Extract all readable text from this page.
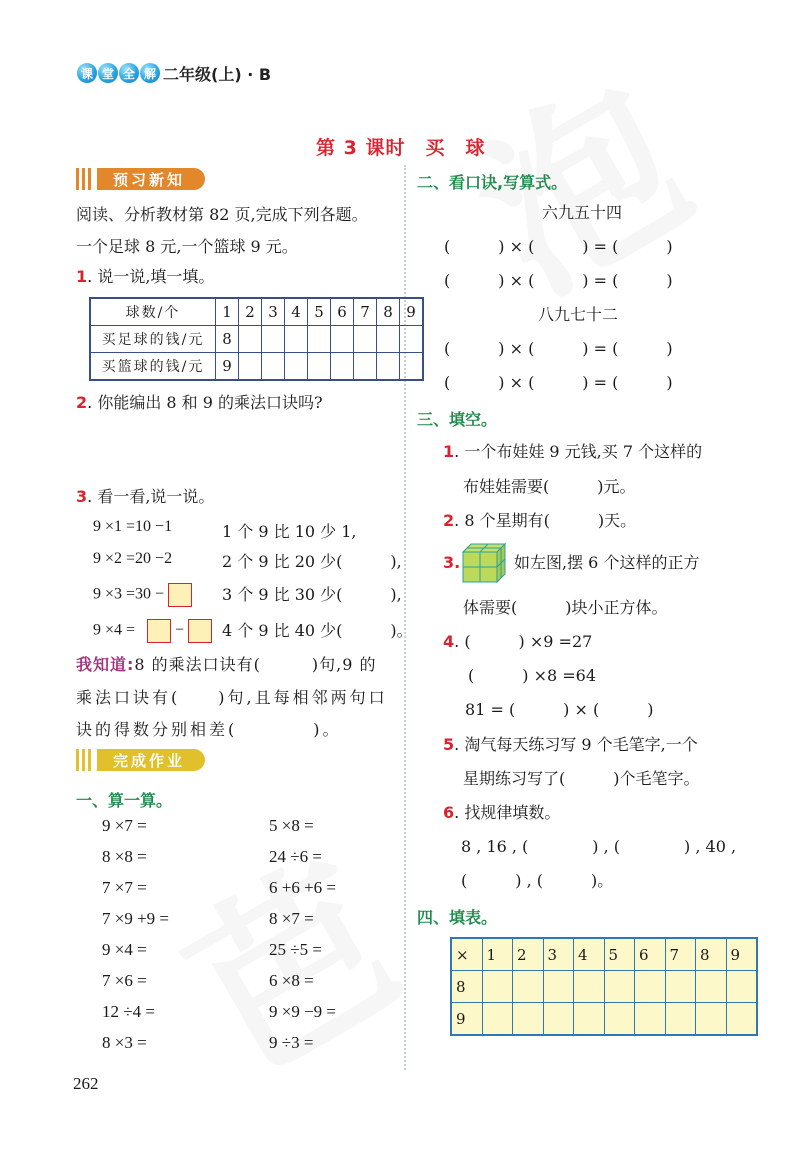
课 堂 全 解 二年级(上) · B
第 3 课时　买　球
预习新知
阅读、分析教材第 82 页,完成下列各题。
一个足球 8 元,一个篮球 9 元。
1. 说一说,填一填。
球数/个	1	2	3	4	5	6	7	8	9
买足球的钱/元	8								
买篮球的钱/元	9								
2. 你能编出 8 和 9 的乘法口诀吗?
3. 看一看,说一说。
9 ×1 =10 −1	1 个 9 比 10 少 1,
9 ×2 =20 −2	2 个 9 比 20 少(　　　),
9 ×3 =30 −	3 个 9 比 30 少(　　　),
9 ×4 =	−	4 个 9 比 40 少(　　　)。
我知道:8 的乘法口诀有(　　　)句,9 的
乘法口诀有(　　)句,且每相邻两句口
诀的得数分别相差(　　　　)。
完成作业
一、算一算。
9 ×7 =
8 ×8 =
7 ×7 =
7 ×9 +9 =
9 ×4 =
7 ×6 =
12 ÷4 =
8 ×3 =
5 ×8 =
24 ÷6 =
6 +6 +6 =
8 ×7 =
25 ÷5 =
6 ×8 =
9 ×9 −9 =
9 ÷3 =
二、看口诀,写算式。
六九五十四
(　　　) × (　　　) = (　　　)
(　　　) × (　　　) = (　　　)
八九七十二
(　　　) × (　　　) = (　　　)
(　　　) × (　　　) = (　　　)
三、填空。
1. 一个布娃娃 9 元钱,买 7 个这样的
布娃娃需要(　　　)元。
2. 8 个星期有(　　　)天。
3.	如左图,摆 6 个这样的正方
体需要(　　　)块小正方体。
4. (　　　) ×9 =27
(　　　) ×8 =64
81 = (　　　) × (　　　)
5. 淘气每天练习写 9 个毛笔字,一个
星期练习写了(　　　)个毛笔字。
6. 找规律填数。
8 , 16 , (　　　　) , (　　　　) , 40 ,
(　　　) , (　　　)。
四、填表。
×	1	2	3	4	5	6	7	8	9
8									
9									
262
